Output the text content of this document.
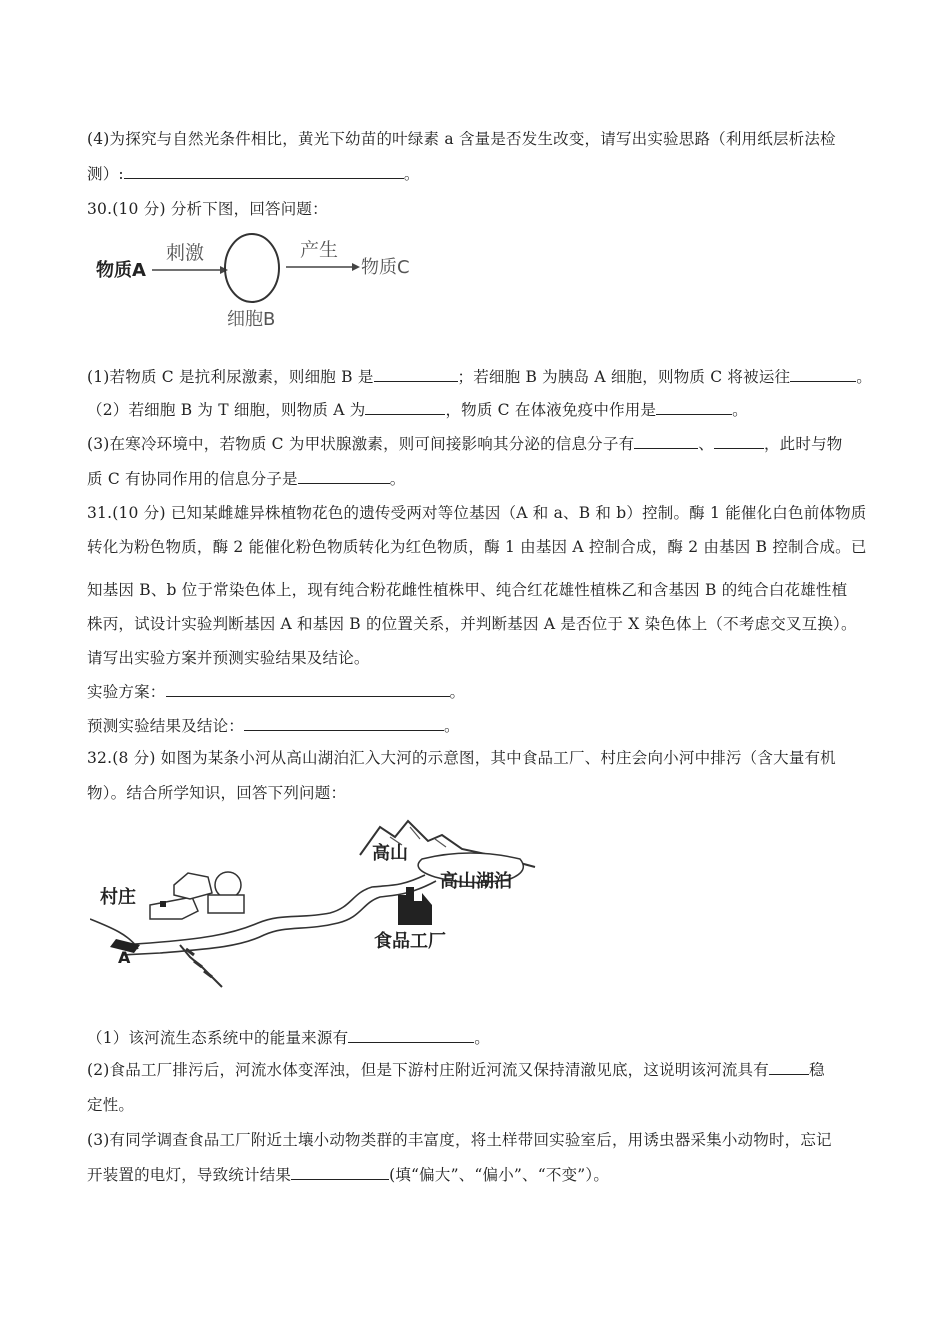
(4)为探究与自然光条件相比，黄光下幼苗的叶绿素 a 含量是否发生改变，请写出实验思路（利用纸层析法检
测）:	。
30.(10 分) 分析下图，回答问题：
物质A
刺激
细胞B
产生
物质C
(1)若物质 C 是抗利尿激素，则细胞 B 是	；若细胞 B 为胰岛 A 细胞，则物质 C 将被运往	。
（2）若细胞 B 为 T 细胞，则物质 A 为	，物质 C 在体液免疫中作用是	。
(3)在寒冷环境中，若物质 C 为甲状腺激素，则可间接影响其分泌的信息分子有	、	，此时与物
质 C 有协同作用的信息分子是	。
31.(10 分) 已知某雌雄异株植物花色的遗传受两对等位基因（A 和 a、B 和 b）控制。酶 1 能催化白色前体物质
转化为粉色物质，酶 2 能催化粉色物质转化为红色物质，酶 1 由基因 A 控制合成，酶 2 由基因 B 控制合成。已
知基因 B、b 位于常染色体上，现有纯合粉花雌性植株甲、纯合红花雄性植株乙和含基因 B 的纯合白花雄性植
株丙，试设计实验判断基因 A 和基因 B 的位置关系，并判断基因 A 是否位于 X 染色体上（不考虑交叉互换）。
请写出实验方案并预测实验结果及结论。
实验方案：	。
预测实验结果及结论：	。
32.(8 分) 如图为某条小河从高山湖泊汇入大河的示意图，其中食品工厂、村庄会向小河中排污（含大量有机
物）。结合所学知识，回答下列问题：
高山
高山湖泊
村庄
食品工厂
A
（1）该河流生态系统中的能量来源有	。
(2)食品工厂排污后，河流水体变浑浊，但是下游村庄附近河流又保持清澈见底，这说明该河流具有	稳
定性。
(3)有同学调查食品工厂附近土壤小动物类群的丰富度，将土样带回实验室后，用诱虫器采集小动物时，忘记
开装置的电灯，导致统计结果	(填“偏大”、“偏小”、“不变”）。
